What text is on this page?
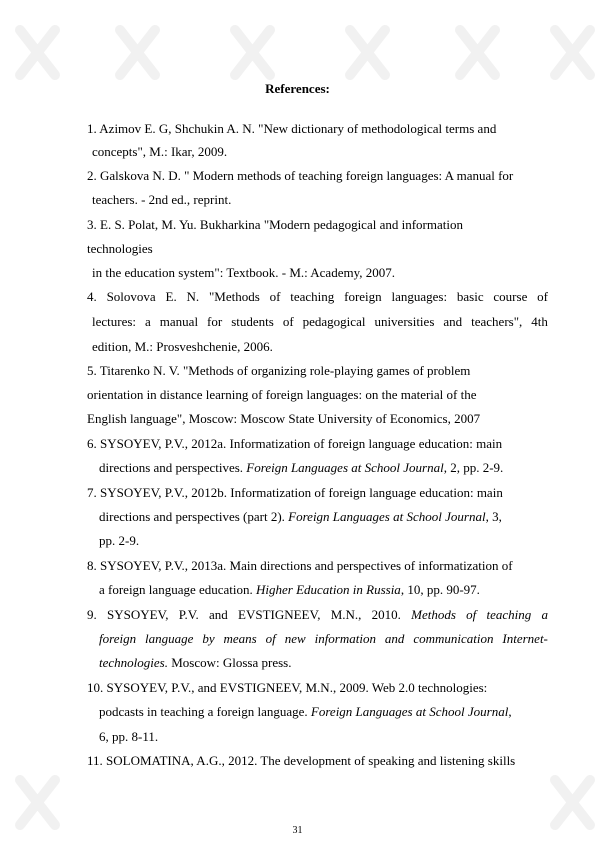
References:
1. Azimov E. G, Shchukin A. N. "New dictionary of methodological terms and
concepts", M.: Ikar, 2009.
2. Galskova N. D. " Modern methods of teaching foreign languages: A manual for
teachers. - 2nd ed., reprint.
3. E. S. Polat, M. Yu. Bukharkina "Modern pedagogical and information
technologies
in the education system": Textbook. - M.: Academy, 2007.
4. Solovova E. N. "Methods of teaching foreign languages: basic course of
lectures: a manual for students of pedagogical universities and teachers", 4th
edition, M.: Prosveshchenie, 2006.
5. Titarenko N. V. "Methods of organizing role-playing games of problem
orientation in distance learning of foreign languages: on the material of the
English language", Moscow: Moscow State University of Economics, 2007
6. SYSOYEV, P.V., 2012a. Informatization of foreign language education: main
directions and perspectives. Foreign Languages at School Journal, 2, pp. 2-9.
7. SYSOYEV, P.V., 2012b. Informatization of foreign language education: main
directions and perspectives (part 2). Foreign Languages at School Journal, 3,
pp. 2-9.
8. SYSOYEV, P.V., 2013a. Main directions and perspectives of informatization of
a foreign language education. Higher Education in Russia, 10, pp. 90-97.
9. SYSOYEV, P.V. and EVSTIGNEEV, M.N., 2010. Methods of teaching a
foreign language by means of new information and communication Internet-
technologies. Moscow: Glossa press.
10. SYSOYEV, P.V., and EVSTIGNEEV, M.N., 2009. Web 2.0 technologies:
podcasts in teaching a foreign language. Foreign Languages at School Journal,
6, pp. 8-11.
11. SOLOMATINA, A.G., 2012. The development of speaking and listening skills
31
